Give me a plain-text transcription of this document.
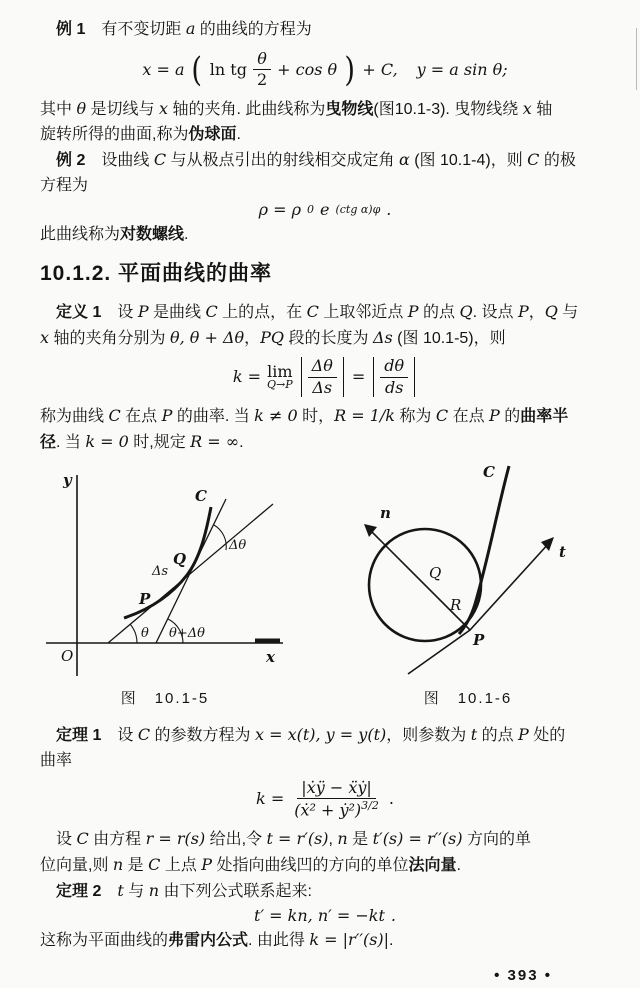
例 1　有不变切距 a 的曲线的方程为
x = a ( ln tg $\frac{\theta}{2} + \cos \theta$ ) + C, y = a sin θ;
其中 θ 是切线与 x 轴的夹角. 此曲线称为曳物线(图10.1-3). 曳物线绕 x 轴
旋转所得的曲面,称为伪球面.
例 2　设曲线 C 与从极点引出的射线相交成定角 α (图 10.1-4)，则 C 的极
方程为
ρ = ρ 0 e (ctg α)φ .
此曲线称为对数螺线.
10.1.2. 平面曲线的曲率
定义 1　设 P 是曲线 C 上的点，在 C 上取邻近点 P 的点 Q. 设点 P，Q 与
x 轴的夹角分别为 θ, θ + Δθ，PQ 段的长度为 Δs (图 10.1-5)，则
k = lim
$Q\to P \frac{\Delta\theta}{\Delta s} = \frac{d\theta}{ds}$
称为曲线 C 在点 P 的曲率. 当 k ≠ 0 时，R = 1/k 称为 C 在点 P 的曲率半
径. 当 k = 0 时,规定 R = ∞.
y
O	x
C
P
Q
Δs
Δθ
θ θ+Δθ
图　10.1-5
C
n
t
Q
R
P
图　10.1-6
定理 1　设 C 的参数方程为 x = x(t), y = y(t)，则参数为 t 的点 P 处的
曲率
$k = \frac{\text{|ẋÿ − ẍẏ|}}{(ẋ^2 + ẏ^2)^{3/2}}$ .
设 C 由方程 r = r(s) 给出,令 t = r′(s), n 是 t′(s) = r′′(s) 方向的单
位向量,则 n 是 C 上点 P 处指向曲线凹的方向的单位法向量.
定理 2　 t 与 n 由下列公式联系起来:
t′ = kn, n′ = −kt .
这称为平面曲线的弗雷内公式. 由此得 k = |r′′(s)|.
• 393 •
